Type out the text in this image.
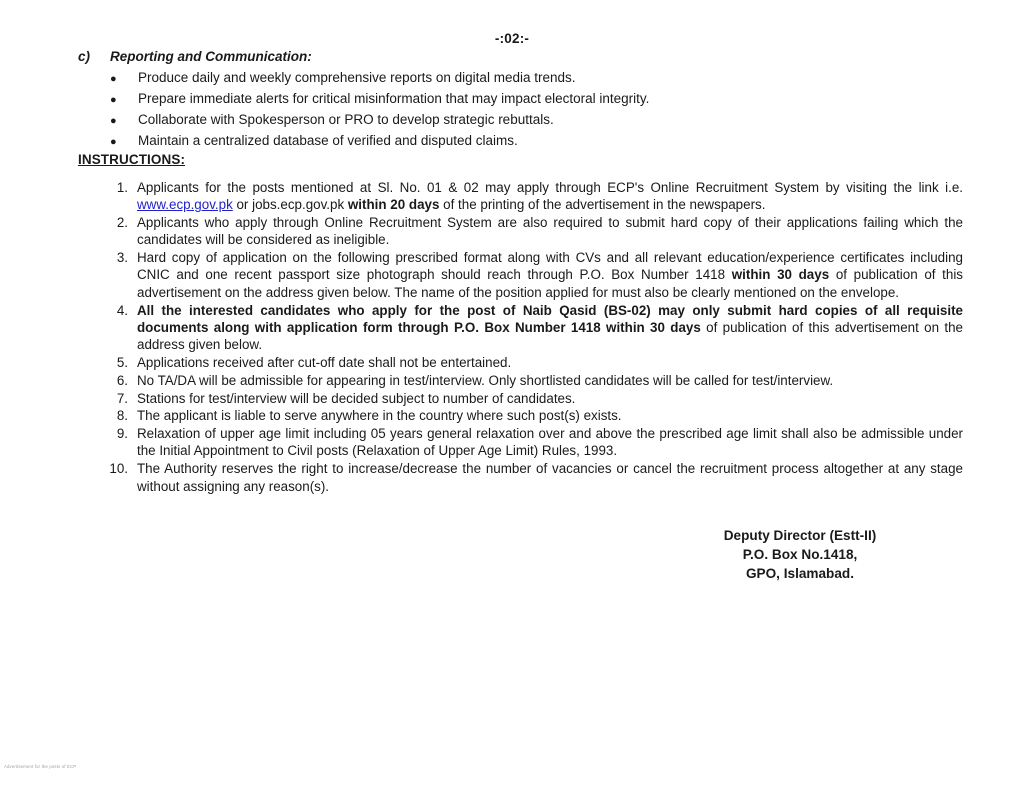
-:02:-
c)	Reporting and Communication:
●	Produce daily and weekly comprehensive reports on digital media trends.
●	Prepare immediate alerts for critical misinformation that may impact electoral integrity.
●	Collaborate with Spokesperson or PRO to develop strategic rebuttals.
●	Maintain a centralized database of verified and disputed claims.
INSTRUCTIONS:
1. Applicants for the posts mentioned at Sl. No. 01 & 02 may apply through ECP's Online Recruitment System by visiting the link i.e. www.ecp.gov.pk or jobs.ecp.gov.pk within 20 days of the printing of the advertisement in the newspapers.
2. Applicants who apply through Online Recruitment System are also required to submit hard copy of their applications failing which the candidates will be considered as ineligible.
3. Hard copy of application on the following prescribed format along with CVs and all relevant education/experience certificates including CNIC and one recent passport size photograph should reach through P.O. Box Number 1418 within 30 days of publication of this advertisement on the address given below. The name of the position applied for must also be clearly mentioned on the envelope.
4. All the interested candidates who apply for the post of Naib Qasid (BS-02) may only submit hard copies of all requisite documents along with application form through P.O. Box Number 1418 within 30 days of publication of this advertisement on the address given below.
5. Applications received after cut-off date shall not be entertained.
6. No TA/DA will be admissible for appearing in test/interview. Only shortlisted candidates will be called for test/interview.
7. Stations for test/interview will be decided subject to number of candidates.
8. The applicant is liable to serve anywhere in the country where such post(s) exists.
9. Relaxation of upper age limit including 05 years general relaxation over and above the prescribed age limit shall also be admissible under the Initial Appointment to Civil posts (Relaxation of Upper Age Limit) Rules, 1993.
10. The Authority reserves the right to increase/decrease the number of vacancies or cancel the recruitment process altogether at any stage without assigning any reason(s).
Deputy Director (Estt-II)
P.O. Box No.1418,
GPO, Islamabad.
Advertisement for the posts of ECP
